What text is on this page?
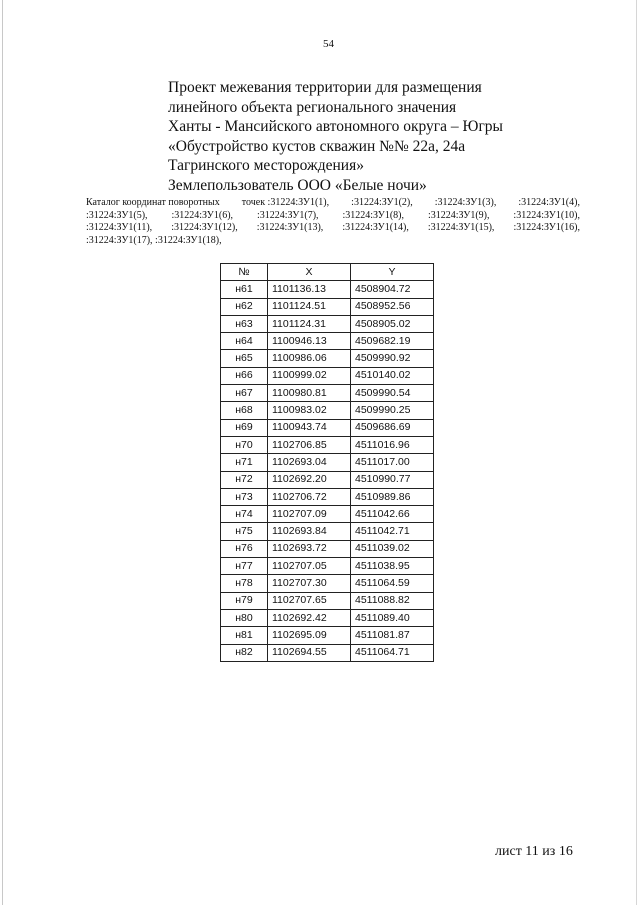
54
Проект межевания территории для размещения
линейного объекта регионального значения
Ханты - Мансийского автономного округа – Югры
«Обустройство кустов скважин №№ 22а, 24а
Тагринского месторождения»
Землепользователь ООО «Белые ночи»
Каталог координат поворотных точек :31224:ЗУ1(1), :31224:ЗУ1(2), :31224:ЗУ1(3), :31224:ЗУ1(4),
:31224:ЗУ1(5), :31224:ЗУ1(6), :31224:ЗУ1(7), :31224:ЗУ1(8), :31224:ЗУ1(9), :31224:ЗУ1(10),
:31224:ЗУ1(11), :31224:ЗУ1(12), :31224:ЗУ1(13), :31224:ЗУ1(14), :31224:ЗУ1(15), :31224:ЗУ1(16),
:31224:ЗУ1(17), :31224:ЗУ1(18),
№	X	Y
н61	1101136.13	4508904.72
н62	1101124.51	4508952.56
н63	1101124.31	4508905.02
н64	1100946.13	4509682.19
н65	1100986.06	4509990.92
н66	1100999.02	4510140.02
н67	1100980.81	4509990.54
н68	1100983.02	4509990.25
н69	1100943.74	4509686.69
н70	1102706.85	4511016.96
н71	1102693.04	4511017.00
н72	1102692.20	4510990.77
н73	1102706.72	4510989.86
н74	1102707.09	4511042.66
н75	1102693.84	4511042.71
н76	1102693.72	4511039.02
н77	1102707.05	4511038.95
н78	1102707.30	4511064.59
н79	1102707.65	4511088.82
н80	1102692.42	4511089.40
н81	1102695.09	4511081.87
н82	1102694.55	4511064.71
лист 11 из 16
